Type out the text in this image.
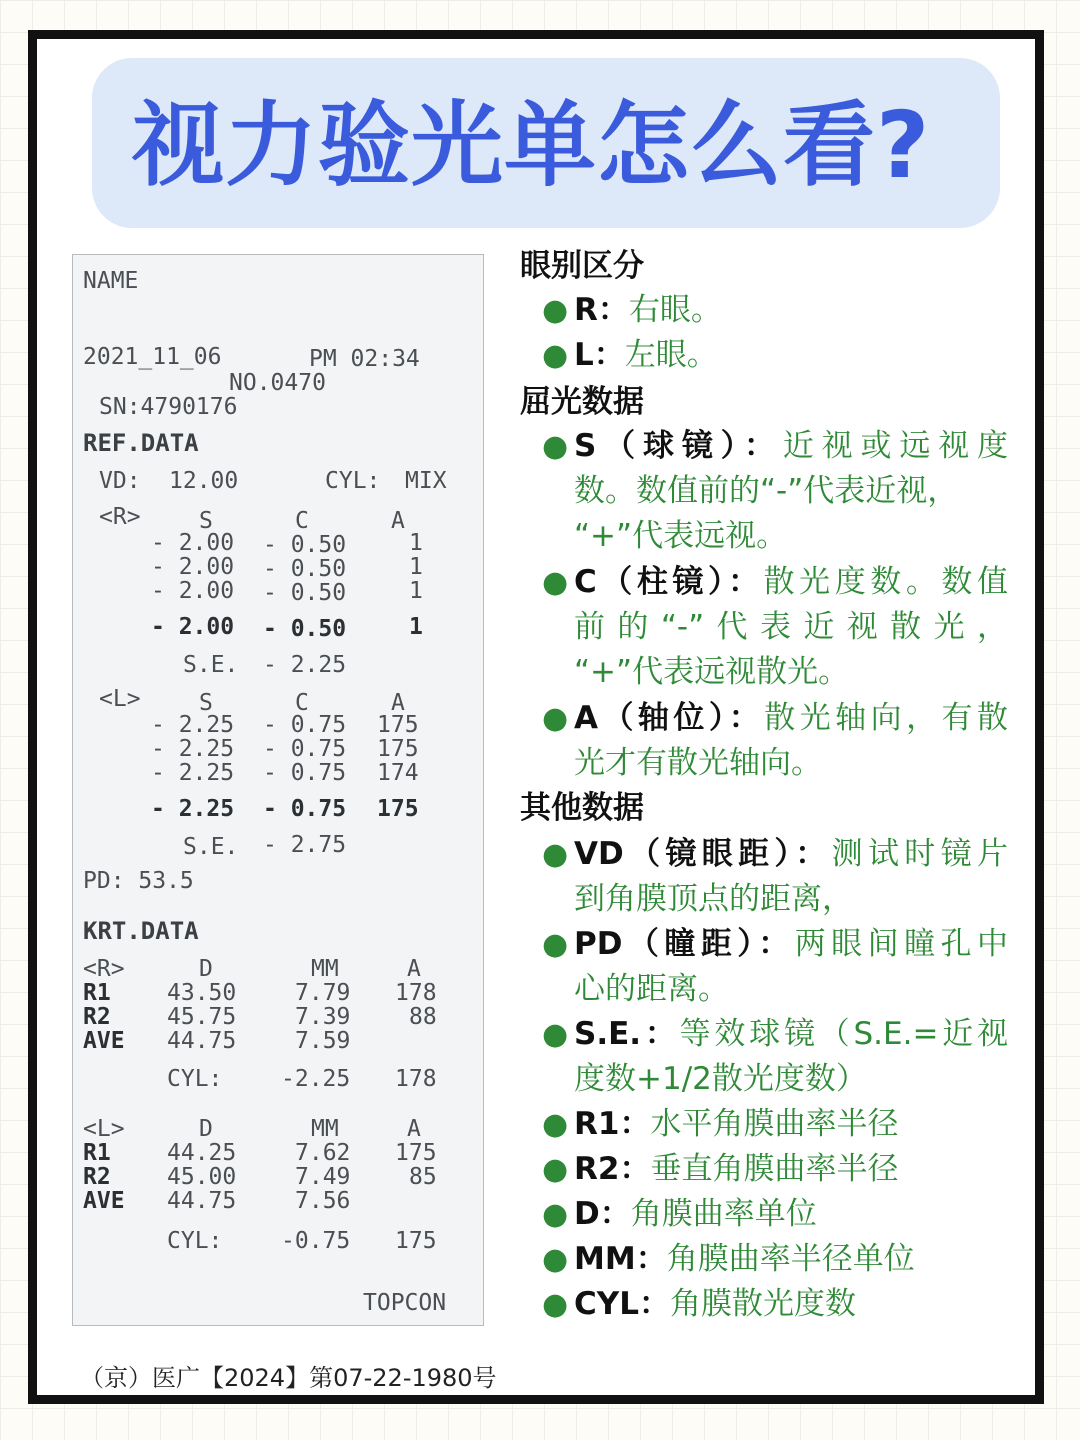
视力验光单怎么看?
NAME
2021_11_06	PM 02:34
NO.0470
SN:4790176
REF.DATA
VD: 12.00	CYL: MIX
<R>	S	C	A
- 2.00 - 0.50	1
- 2.00 - 0.50	1
- 2.00 - 0.50	1
- 2.00 - 0.50	1
S.E. - 2.25
<L>	S	C	A
- 2.25 - 0.75 175
- 2.25 - 0.75 175
- 2.25 - 0.75 174
- 2.25 - 0.75 175
S.E. - 2.75
PD: 53.5
KRT.DATA
<R>	D	MM	A
R1 43.50	7.79 178
R2 45.75	7.39	88
AVE 44.75	7.59
CYL:	-2.25 178
<L>	D	MM	A
R1 44.25	7.62 175
R2 45.00	7.49	85
AVE 44.75	7.56
CYL:	-0.75 175
TOPCON
眼别区分
● R：右眼。
● L：左眼。
屈光数据
● S（球镜）：近视或远视度
数。数值前的“-”代表近视，
“+”代表远视。
● C（柱镜）：散光度数。数值
前的“-”代表近视散光，
“+”代表远视散光。
● A（轴位）：散光轴向，有散
光才有散光轴向。
其他数据
● VD（镜眼距）：测试时镜片
到角膜顶点的距离，
● PD（瞳距）：两眼间瞳孔中
心的距离。
● S.E.：等效球镜（S.E.=近视
度数+1/2散光度数）
● R1：水平角膜曲率半径
● R2：垂直角膜曲率半径
● D：角膜曲率单位
● MM：角膜曲率半径单位
● CYL：角膜散光度数
（京）医广【2024】第07-22-1980号
